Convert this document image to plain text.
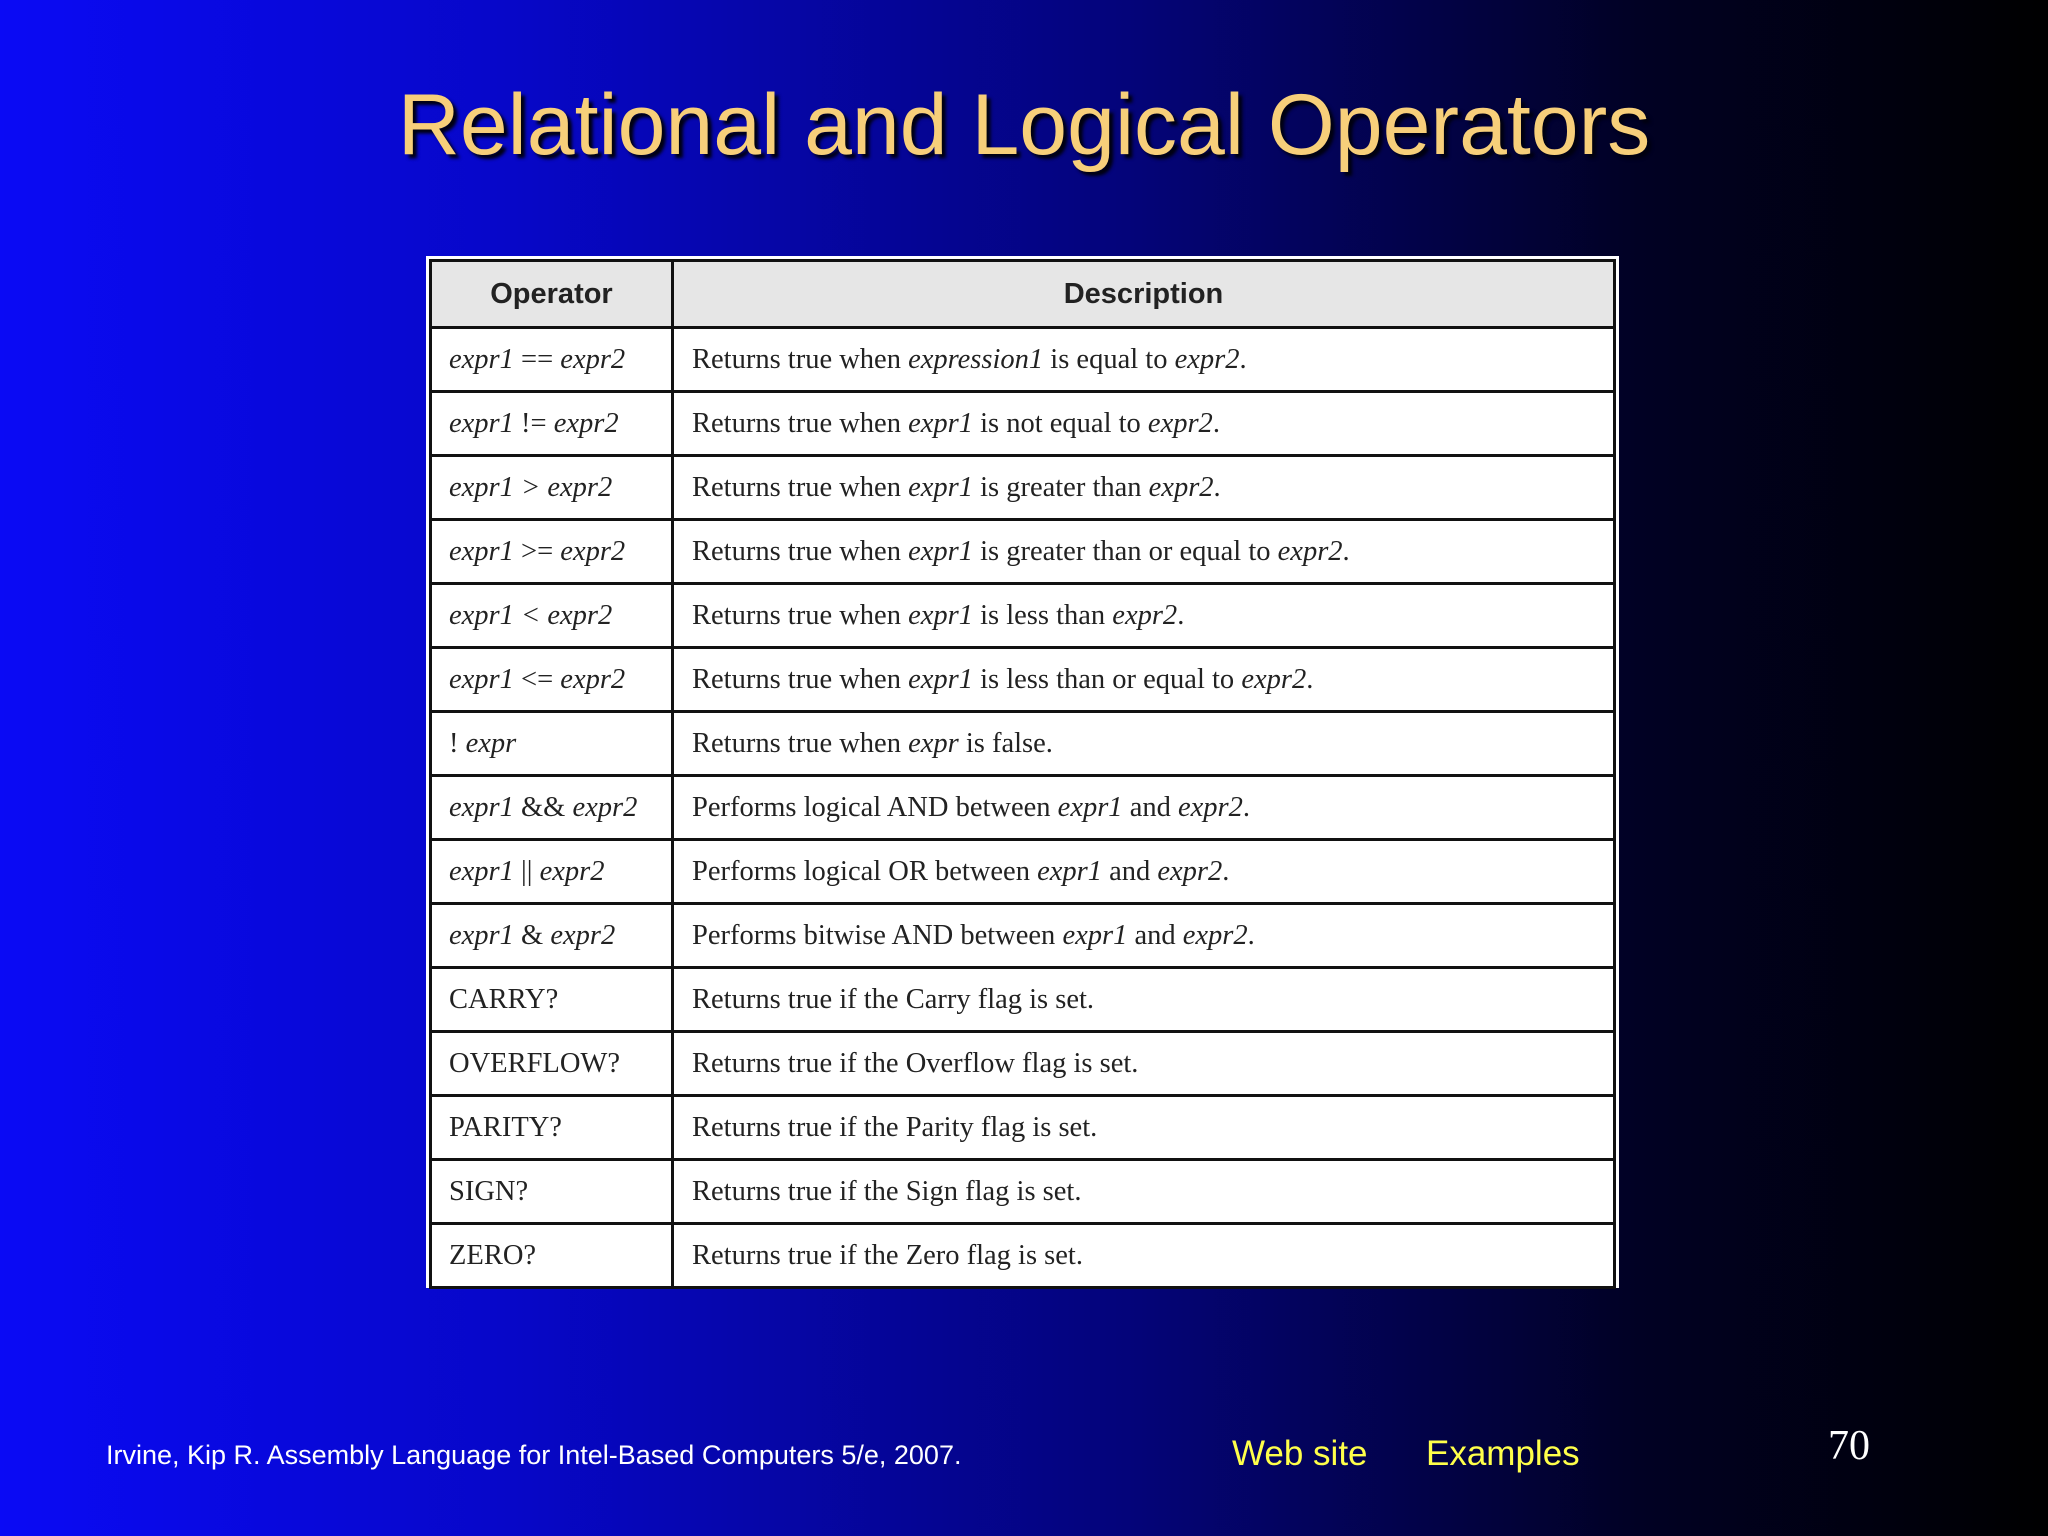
Relational and Logical Operators
Operator	Description
expr1 == expr2	Returns true when expression1 is equal to expr2.
expr1 != expr2	Returns true when expr1 is not equal to expr2.
expr1 > expr2	Returns true when expr1 is greater than expr2.
expr1 >= expr2	Returns true when expr1 is greater than or equal to expr2.
expr1 < expr2	Returns true when expr1 is less than expr2.
expr1 <= expr2	Returns true when expr1 is less than or equal to expr2.
! expr	Returns true when expr is false.
expr1 && expr2	Performs logical AND between expr1 and expr2.
expr1 || expr2	Performs logical OR between expr1 and expr2.
expr1 & expr2	Performs bitwise AND between expr1 and expr2.
CARRY?	Returns true if the Carry flag is set.
OVERFLOW?	Returns true if the Overflow flag is set.
PARITY?	Returns true if the Parity flag is set.
SIGN?	Returns true if the Sign flag is set.
ZERO?	Returns true if the Zero flag is set.
Irvine, Kip R. Assembly Language for Intel-Based Computers 5/e, 2007.	Web site Examples	70
